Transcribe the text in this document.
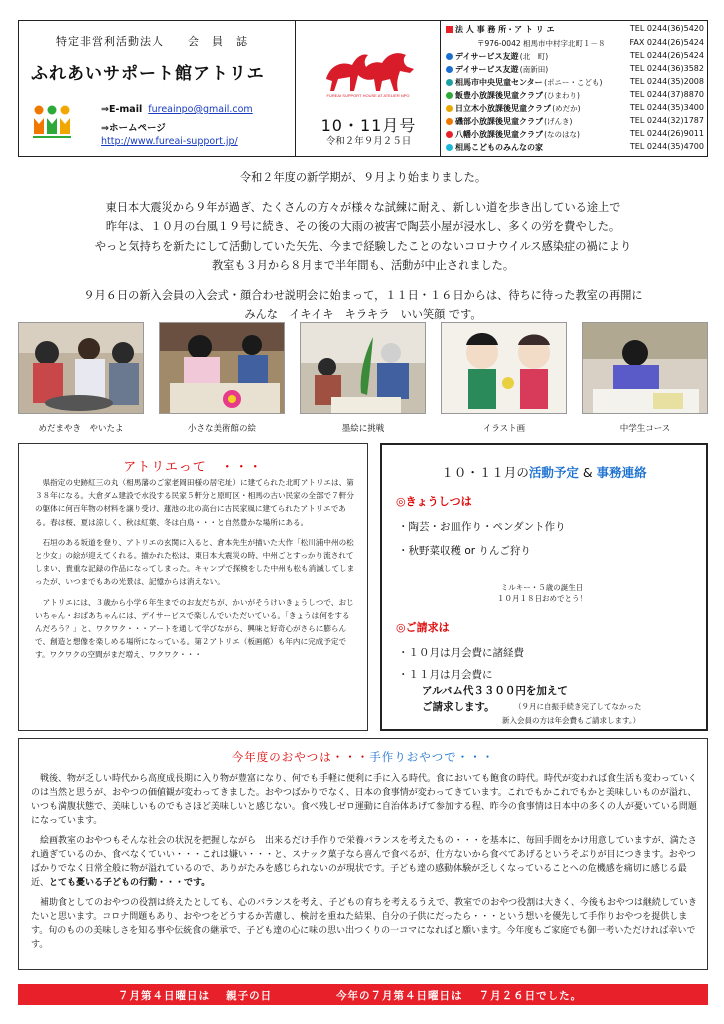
特定非営利活動法人　　会　員　誌
ふれあいサポート館アトリエ
⇒E-mail fureainpo@gmail.com
⇒ホームページ
http://www.fureai-support.jp/
FUREAI SUPPORT HOUSE AT ATELIER NPO
10・11月号
令和２年９月２５日
法 人 事 務 所・ア ト リ エ	TEL 0244(36)5420
FAX 0244(26)5424
デイサービス友遊 (北　町)	TEL 0244(26)5424
デイサービス友遊 (南新田)	TEL 0244(36)3582
相馬市中央児童センター (ポニー・こども)	TEL 0244(35)2008
飯豊小放課後児童クラブ (ひまわり)	TEL 0244(37)8870
日立木小放課後児童クラブ (めだか)	TEL 0244(35)3400
磯部小放課後児童クラブ (げんき)	TEL 0244(32)1787
八幡小放課後児童クラブ (なのはな)	TEL 0244(26)9011
相馬こどものみんなの家	TEL 0244(35)4700
〒976-0042 相馬市中村字北町１－８

令和２年度の新学期が、９月より始まりました。

東日本大震災から９年が過ぎ、たくさんの方々が様々な試練に耐え、新しい道を歩き出している途上で

昨年は、１０月の台風１９号に続き、その後の大雨の被害で陶芸小屋が浸水し、多くの労を費やした。

やっと気持ちを新たにして活動していた矢先、今まで経験したことのないコロナウイルス感染症の禍により

教室も３月から８月まで半年間も、活動が中止されました。

９月６日の新入会員の入会式・顔合わせ説明会に始まって，１１日・１６日からは、待ちに待った教室の再開に

みんな　イキイキ　キラキラ　いい笑顔 です。

めだまやき　やいたよ	小さな美術館の絵	墨絵に挑戦	イラスト画	中学生コース
アトリエって　・・・

県指定の史跡紅三の丸（相馬藩のご家老岡田様の居宅址）に建てられた北町アトリエは、第３８年になる。大倉ダム建設で水没する民家５軒分と原町区・相馬の古い民家の全部で７軒分の躯体に何百年物の材料を譲り受け、蓮池の北の高台に古民家風に建てられたアトリエである。春は桜、夏は涼しく、秋は紅葉、冬は白鳥・・・と自然豊かな場所にある。

石垣のある坂道を登り、アトリエの玄関に入ると、倉本先生が描いた大作「松川浦中州の松と少女」の絵が迎えてくれる。描かれた松は、東日本大震災の時、中州ごとすっかり流されてしまい、貴重な記録の作品になってしまった。キャンプで探検をした中州も松も消滅してしまったが、いつまでもあの光景は、記憶からは消えない。

アトリエには、３歳から小学６年生までのお友だちが、かいがそうけいきょうしつで、おじいちゃん・おばあちゃんには、デイサービスで楽しんでいただいている。「きょうは何をするんだろう？」と、ワクワク・・・アートを通して学びながら、興味と好奇心がさらに膨らんで、創造と想像を楽しめる場所になっている。第２アトリエ（板画館）も年内に完成予定です。ワクワクの空間がまだ増え、ワクワク・・・

１０・１１月の活動予定 & 事務連絡
◎きょうしつは
・陶芸・お皿作り・ペンダント作り
・秋野菜収穫 or りんご狩り
ミルキー・５歳の誕生日
１０月１８日おめでとう！
◎ご請求は
・１０月は月会費に諸経費
・１１月は月会費に
アルバム代３３００円を加えて
ご請求します。	（９月に自振手続き完了してなかった
新入会員の方は年会費もご請求します。）
今年度のおやつは・・・手作りおやつで・・・

戦後、物が乏しい時代から高度成長期に入り物が豊富になり、何でも手軽に便利に手に入る時代。食においても飽食の時代。時代が変われば食生活も変わっていくのは当然と思うが、おやつの価値観が変わってきました。おやつばかりでなく、日本の食事情が変わってきています。これでもかこれでもかと美味しいものが溢れ、いつも満腹状態で、美味しいものでもさほど美味しいと感じない。食べ残しゼロ運動に自治体あげて参加する程、昨今の食事情は日本中の多くの人が憂いている問題になっています。

絵画教室のおやつもそんな社会の状況を把握しながら　出来るだけ手作りで栄養バランスを考えたもの・・・を基本に、毎回手間をかけ用意していますが、満たされ過ぎているのか、食べなくていい・・・これは嫌い・・・と、スナック菓子なら喜んで食べるが、仕方ないから食べてあげるというそぶりが目につきます。おやつばかりでなく日常全般に物が溢れているので、ありがたみを感じられないのが現状です。子ども達の感動体験が乏しくなっていることへの危機感を痛切に感じる最近、とても憂いる子どもの行動・・・です。

補助食としてのおやつの役割は終えたとしても、心のバランスを考え、子どもの育ちを考えるうえで、教室でのおやつ役割は大きく、今後もおやつは継続していきたいと思います。コロナ問題もあり、おやつをどうするか苦慮し、検討を重ねた結果、自分の子供にだったら・・・という想いを優先して手作りおやつを提供します。旬のものの美味しさを知る事や伝統食の継承で、子ども達の心に味の思い出つくりの一コマになればと願います。今年度もご家庭でも御一考いただければ幸いです。

７月第４日曜日は　 親子の日	今年の７月第４日曜日は　 ７月２６日でした。
